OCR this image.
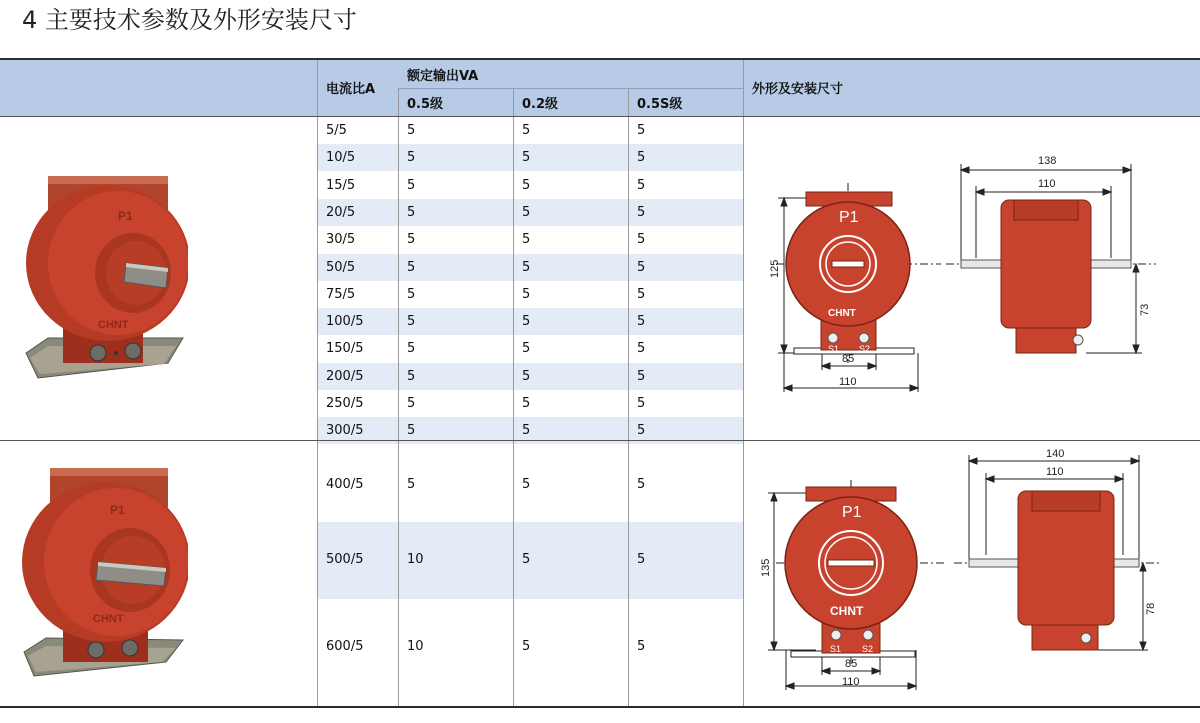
4 主要技术参数及外形安装尺寸
电流比A
额定输出VA
0.5级	0.2级	0.5S级
外形及安装尺寸
5/5	5	5	5
10/5	5	5	5
15/5	5	5	5
20/5	5	5	5
30/5	5	5	5
50/5	5	5	5
75/5	5	5	5
100/5	5	5	5
150/5	5	5	5
200/5	5	5	5
250/5	5	5	5
300/5	5	5	5
400/5	5	5	5
500/5	10	5	5
600/5	10	5	5
P1
CHNT
P1
CHNT
P1
CHNT
S1 S2
125
85
110
138
110
73
P1
CHNT
S1 S2
135
85
110
140
110
78
